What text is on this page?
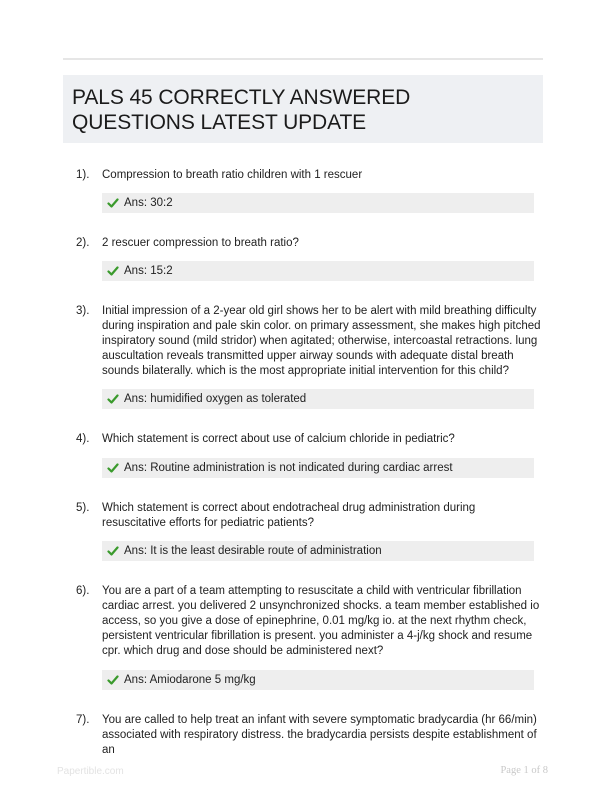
PALS 45 CORRECTLY ANSWERED QUESTIONS LATEST UPDATE
1). Compression to breath ratio children with 1 rescuer
Ans: 30:2
2). 2 rescuer compression to breath ratio?
Ans: 15:2
3). Initial impression of a 2-year old girl shows her to be alert with mild breathing difficulty during inspiration and pale skin color. on primary assessment, she makes high pitched inspiratory sound (mild stridor) when agitated; otherwise, intercoastal retractions. lung auscultation reveals transmitted upper airway sounds with adequate distal breath sounds bilaterally. which is the most appropriate initial intervention for this child?
Ans: humidified oxygen as tolerated
4). Which statement is correct about use of calcium chloride in pediatric?
Ans: Routine administration is not indicated during cardiac arrest
5). Which statement is correct about endotracheal drug administration during resuscitative efforts for pediatric patients?
Ans: It is the least desirable route of administration
6). You are a part of a team attempting to resuscitate a child with ventricular fibrillation cardiac arrest. you delivered 2 unsynchronized shocks. a team member established io access, so you give a dose of epinephrine, 0.01 mg/kg io. at the next rhythm check, persistent ventricular fibrillation is present. you administer a 4-j/kg shock and resume cpr. which drug and dose should be administered next?
Ans: Amiodarone 5 mg/kg
7). You are called to help treat an infant with severe symptomatic bradycardia (hr 66/min) associated with respiratory distress. the bradycardia persists despite establishment of an
Papertible.com	Page 1 of 8
